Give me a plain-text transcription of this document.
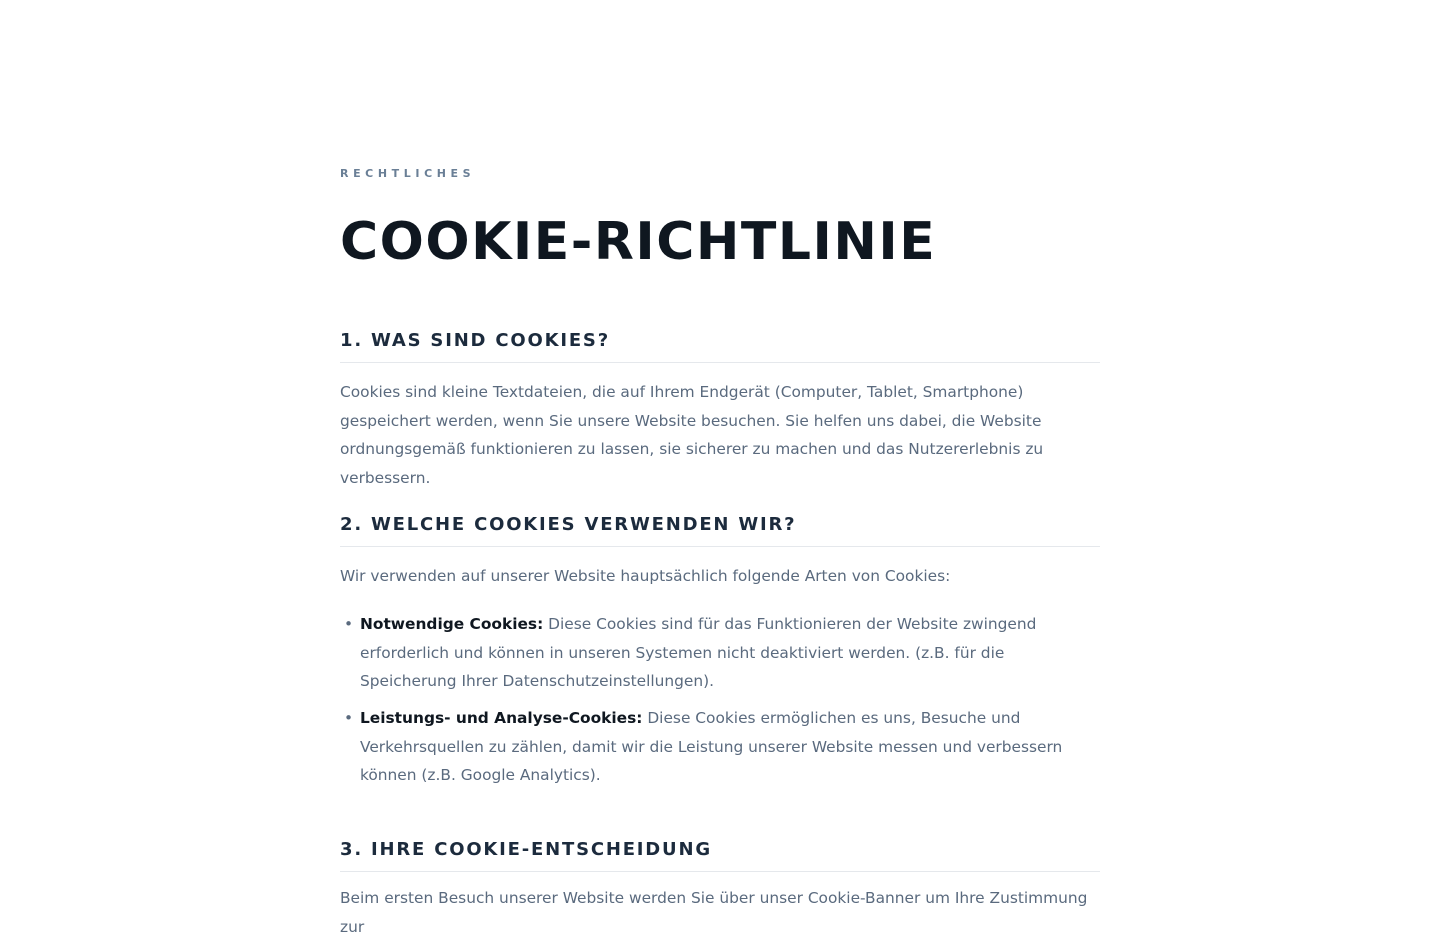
RECHTLICHES
COOKIE-RICHTLINIE
1. WAS SIND COOKIES?

Cookies sind kleine Textdateien, die auf Ihrem Endgerät (Computer, Tablet, Smartphone) gespeichert werden, wenn Sie unsere Website besuchen. Sie helfen uns dabei, die Website ordnungsgemäß funktionieren zu lassen, sie sicherer zu machen und das Nutzererlebnis zu verbessern.

2. WELCHE COOKIES VERWENDEN WIR?

Wir verwenden auf unserer Website hauptsächlich folgende Arten von Cookies:

• Notwendige Cookies: Diese Cookies sind für das Funktionieren der Website zwingend erforderlich und können in unseren Systemen nicht deaktiviert werden. (z.B. für die Speicherung Ihrer Datenschutzeinstellungen).
• Leistungs- und Analyse-Cookies: Diese Cookies ermöglichen es uns, Besuche und Verkehrsquellen zu zählen, damit wir die Leistung unserer Website messen und verbessern können (z.B. Google Analytics).
3. IHRE COOKIE-ENTSCHEIDUNG

Beim ersten Besuch unserer Website werden Sie über unser Cookie-Banner um Ihre Zustimmung zur
